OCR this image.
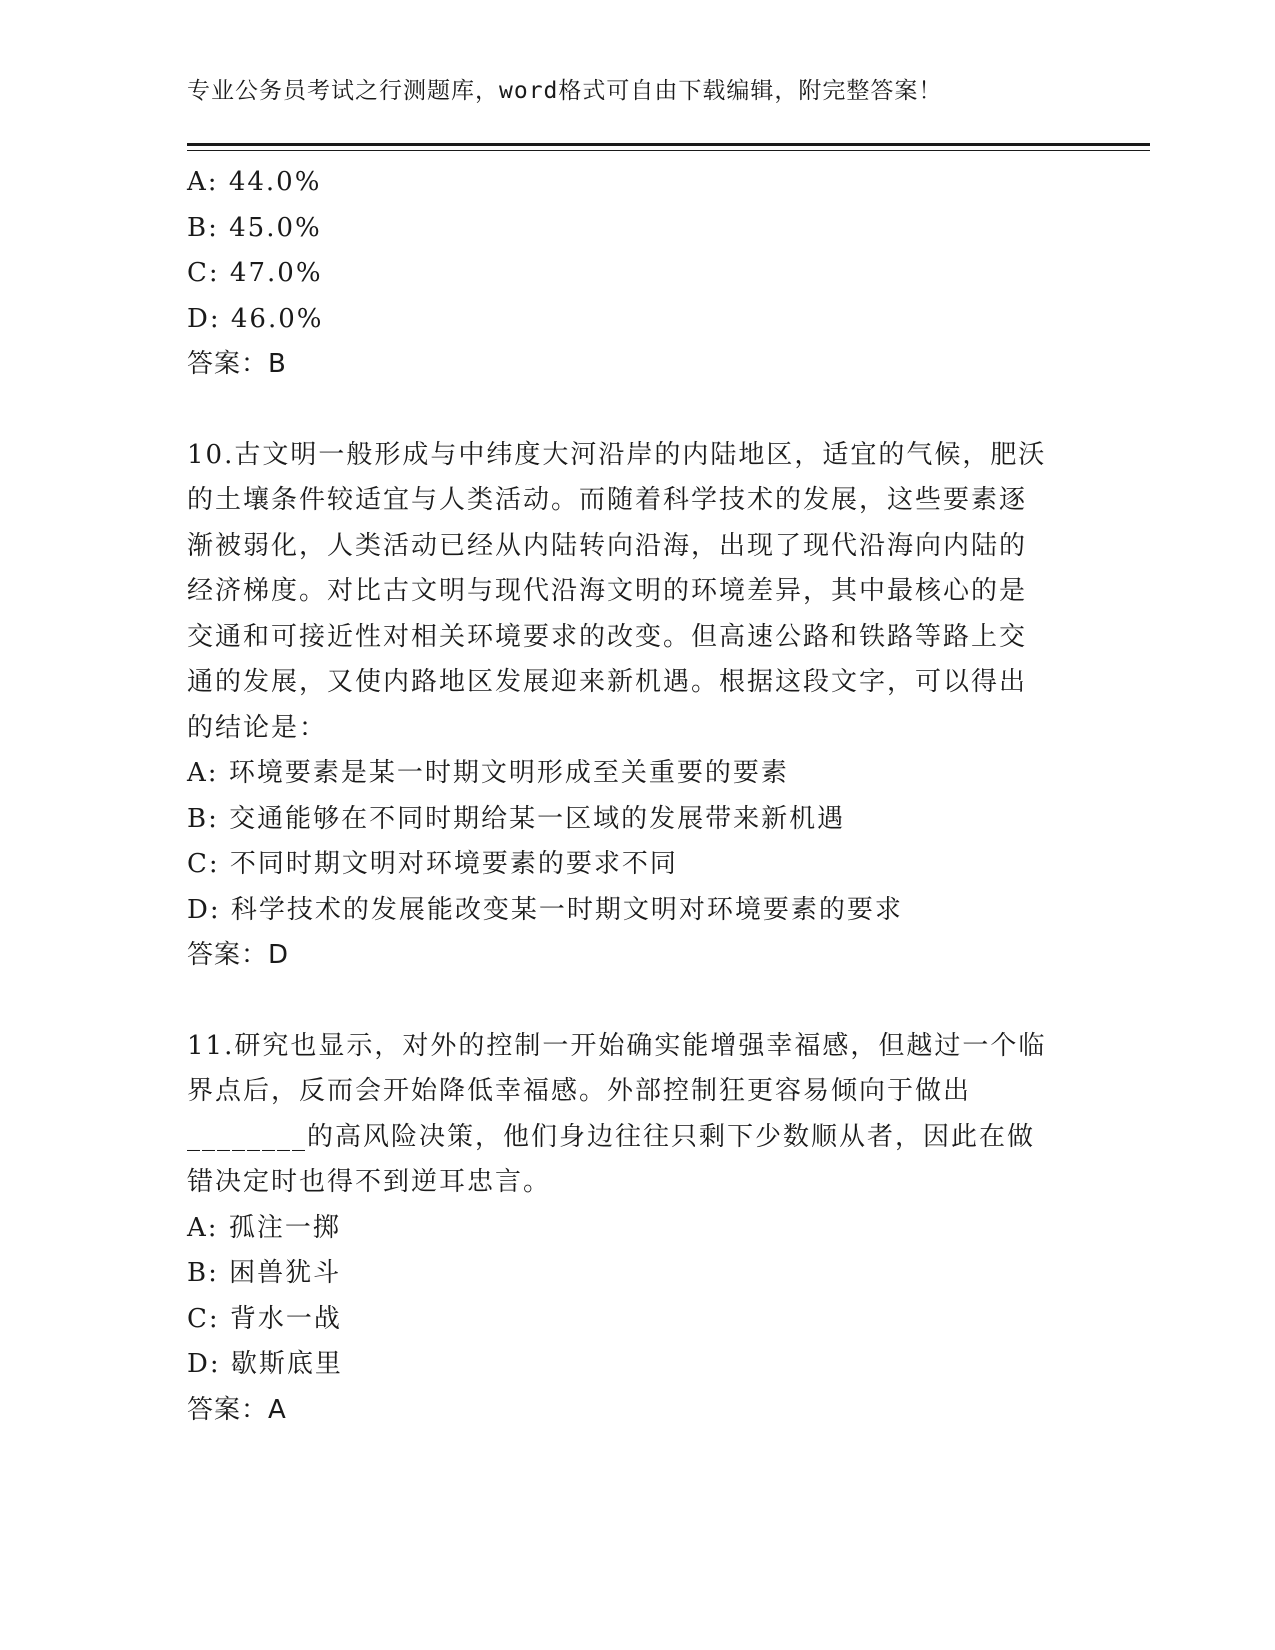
专业公务员考试之行测题库，word格式可自由下载编辑，附完整答案！
A: 44.0%
B: 45.0%
C: 47.0%
D: 46.0%
答案：B
10.古文明一般形成与中纬度大河沿岸的内陆地区，适宜的气候，肥沃
的土壤条件较适宜与人类活动。而随着科学技术的发展，这些要素逐
渐被弱化，人类活动已经从内陆转向沿海，出现了现代沿海向内陆的
经济梯度。对比古文明与现代沿海文明的环境差异，其中最核心的是
交通和可接近性对相关环境要求的改变。但高速公路和铁路等路上交
通的发展，又使内路地区发展迎来新机遇。根据这段文字，可以得出
的结论是：
A: 环境要素是某一时期文明形成至关重要的要素
B: 交通能够在不同时期给某一区域的发展带来新机遇
C: 不同时期文明对环境要素的要求不同
D: 科学技术的发展能改变某一时期文明对环境要素的要求
答案：D
11.研究也显示，对外的控制一开始确实能增强幸福感，但越过一个临
界点后，反而会开始降低幸福感。外部控制狂更容易倾向于做出
________的高风险决策，他们身边往往只剩下少数顺从者，因此在做
错决定时也得不到逆耳忠言。
A: 孤注一掷
B: 困兽犹斗
C: 背水一战
D: 歇斯底里
答案：A
